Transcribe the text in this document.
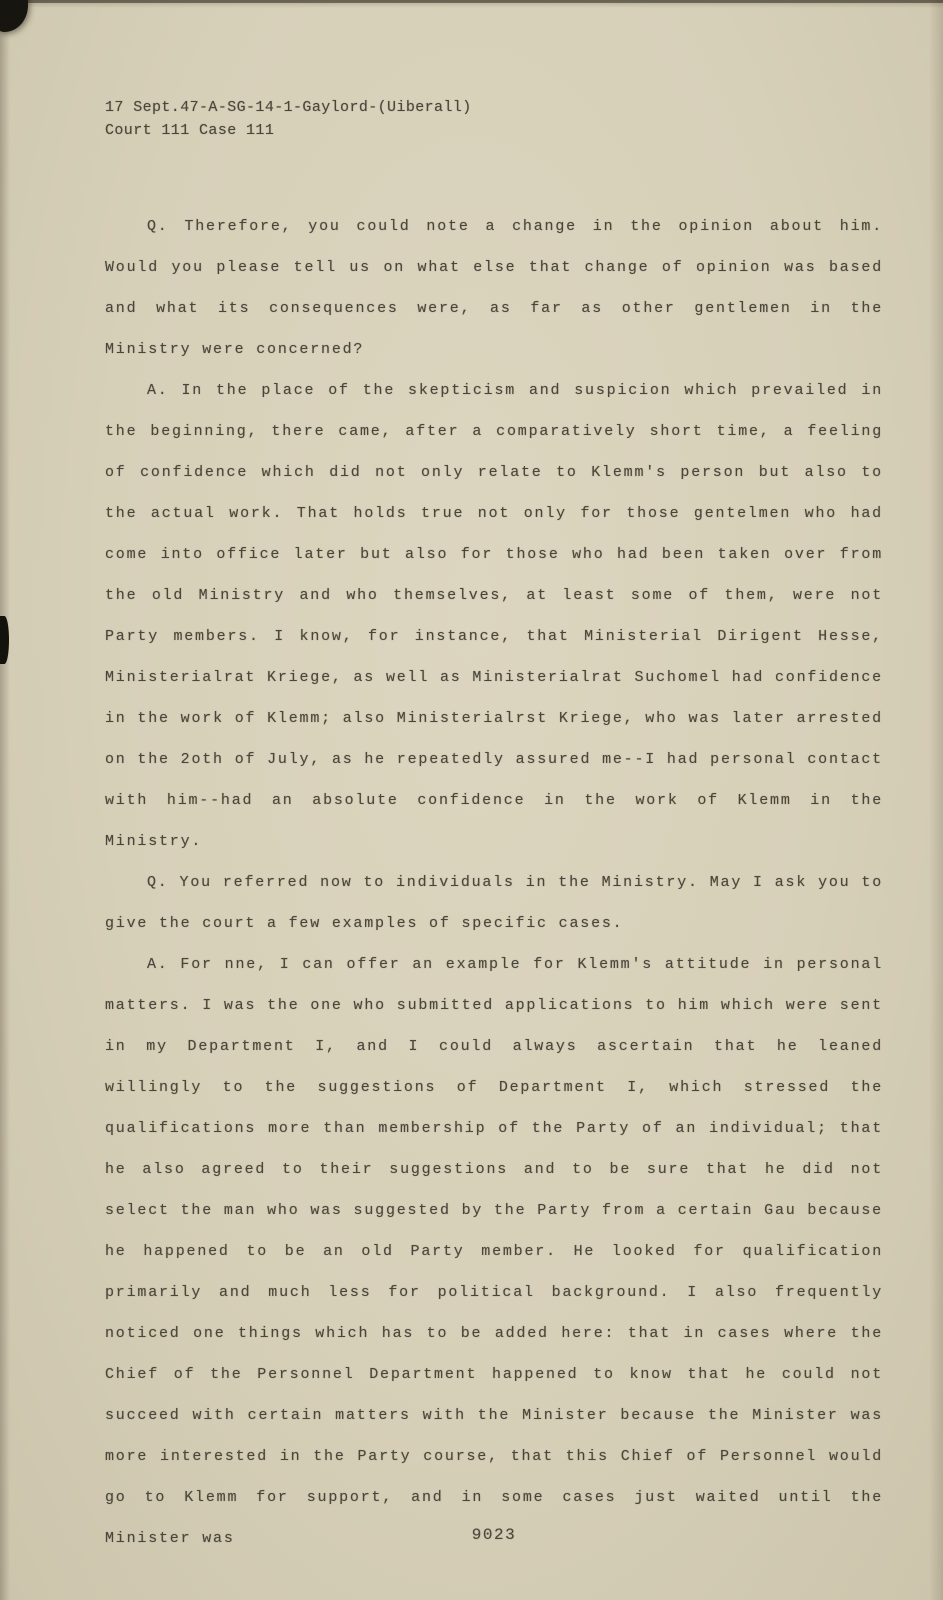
17 Sept.47-A-SG-14-1-Gaylord-(Uiberall)
Court 111 Case 111

Q. Therefore, you could note a change in the opinion about him. Would you please tell us on what else that change of opinion was based and what its consequences were, as far as other gentlemen in the Ministry were concerned?

A. In the place of the skepticism and suspicion which prevailed in the beginning, there came, after a comparatively short time, a feeling of confidence which did not only relate to Klemm's person but also to the actual work. That holds true not only for those gentelmen who had come into office later but also for those who had been taken over from the old Ministry and who themselves, at least some of them, were not Party members. I know, for instance, that Ministerial Dirigent Hesse, Ministerialrat Kriege, as well as Ministerialrat Suchomel had confidence in the work of Klemm; also Ministerialrst Kriege, who was later arrested on the 2oth of July, as he repeatedly assured me--I had personal contact with him--had an absolute confidence in the work of Klemm in the Ministry.

Q. You referred now to individuals in the Ministry. May I ask you to give the court a few examples of specific cases.

A. For nne, I can offer an example for Klemm's attitude in personal matters. I was the one who submitted applications to him which were sent in my Department I, and I could always ascertain that he leaned willingly to the suggestions of Department I, which stressed the qualifications more than membership of the Party of an individual; that he also agreed to their suggestions and to be sure that he did not select the man who was suggested by the Party from a certain Gau because he happened to be an old Party member. He looked for qualification primarily and much less for political background. I also frequently noticed one things which has to be added here: that in cases where the Chief of the Personnel Department happened to know that he could not succeed with certain matters with the Minister because the Minister was more interested in the Party course, that this Chief of Personnel would go to Klemm for support, and in some cases just waited until the Minister was	9023
